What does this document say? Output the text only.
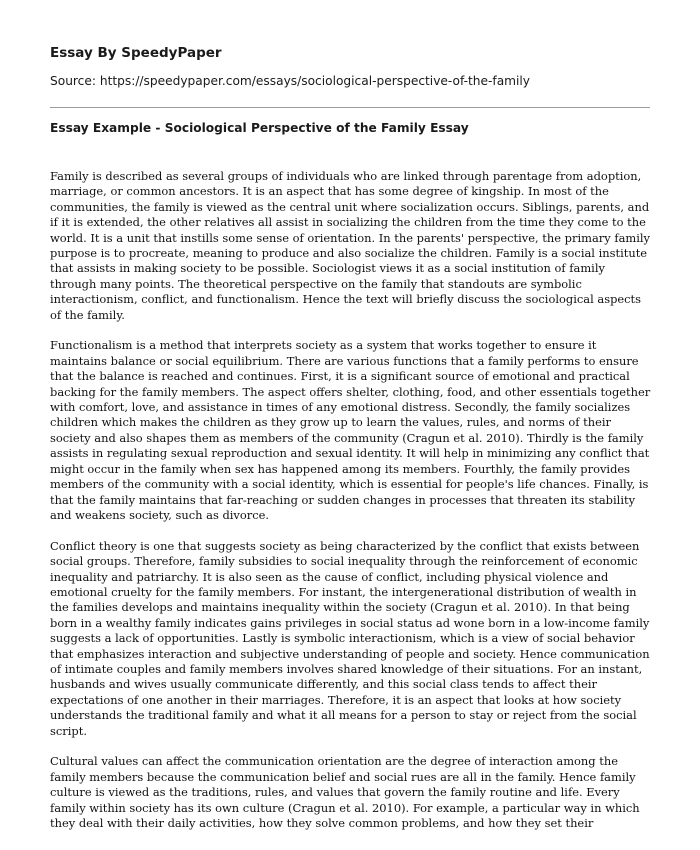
Essay By SpeedyPaper
Source: https://speedypaper.com/essays/sociological-perspective-of-the-family
Essay Example - Sociological Perspective of the Family Essay

Family is described as several groups of individuals who are linked through parentage from adoption, marriage, or common ancestors. It is an aspect that has some degree of kingship. In most of the communities, the family is viewed as the central unit where socialization occurs. Siblings, parents, and if it is extended, the other relatives all assist in socializing the children from the time they come to the world. It is a unit that instills some sense of orientation. In the parents' perspective, the primary family purpose is to procreate, meaning to produce and also socialize the children. Family is a social institute that assists in making society to be possible. Sociologist views it as a social institution of family through many points. The theoretical perspective on the family that standouts are symbolic interactionism, conflict, and functionalism. Hence the text will briefly discuss the sociological aspects of the family.

Functionalism is a method that interprets society as a system that works together to ensure it maintains balance or social equilibrium. There are various functions that a family performs to ensure that the balance is reached and continues. First, it is a significant source of emotional and practical backing for the family members. The aspect offers shelter, clothing, food, and other essentials together with comfort, love, and assistance in times of any emotional distress. Secondly, the family socializes children which makes the children as they grow up to learn the values, rules, and norms of their society and also shapes them as members of the community (Cragun et al. 2010). Thirdly is the family assists in regulating sexual reproduction and sexual identity. It will help in minimizing any conflict that might occur in the family when sex has happened among its members. Fourthly, the family provides members of the community with a social identity, which is essential for people's life chances. Finally, is that the family maintains that far-reaching or sudden changes in processes that threaten its stability and weakens society, such as divorce.

Conflict theory is one that suggests society as being characterized by the conflict that exists between social groups. Therefore, family subsidies to social inequality through the reinforcement of economic inequality and patriarchy. It is also seen as the cause of conflict, including physical violence and emotional cruelty for the family members. For instant, the intergenerational distribution of wealth in the families develops and maintains inequality within the society (Cragun et al. 2010). In that being born in a wealthy family indicates gains privileges in social status ad wone born in a low-income family suggests a lack of opportunities. Lastly is symbolic interactionism, which is a view of social behavior that emphasizes interaction and subjective understanding of people and society. Hence communication of intimate couples and family members involves shared knowledge of their situations. For an instant, husbands and wives usually communicate differently, and this social class tends to affect their expectations of one another in their marriages. Therefore, it is an aspect that looks at how society understands the traditional family and what it all means for a person to stay or reject from the social script.

Cultural values can affect the communication orientation are the degree of interaction among the family members because the communication belief and social rues are all in the family. Hence family culture is viewed as the traditions, rules, and values that govern the family routine and life. Every family within society has its own culture (Cragun et al. 2010). For example, a particular way in which they deal with their daily activities, how they solve common problems, and how they set their
